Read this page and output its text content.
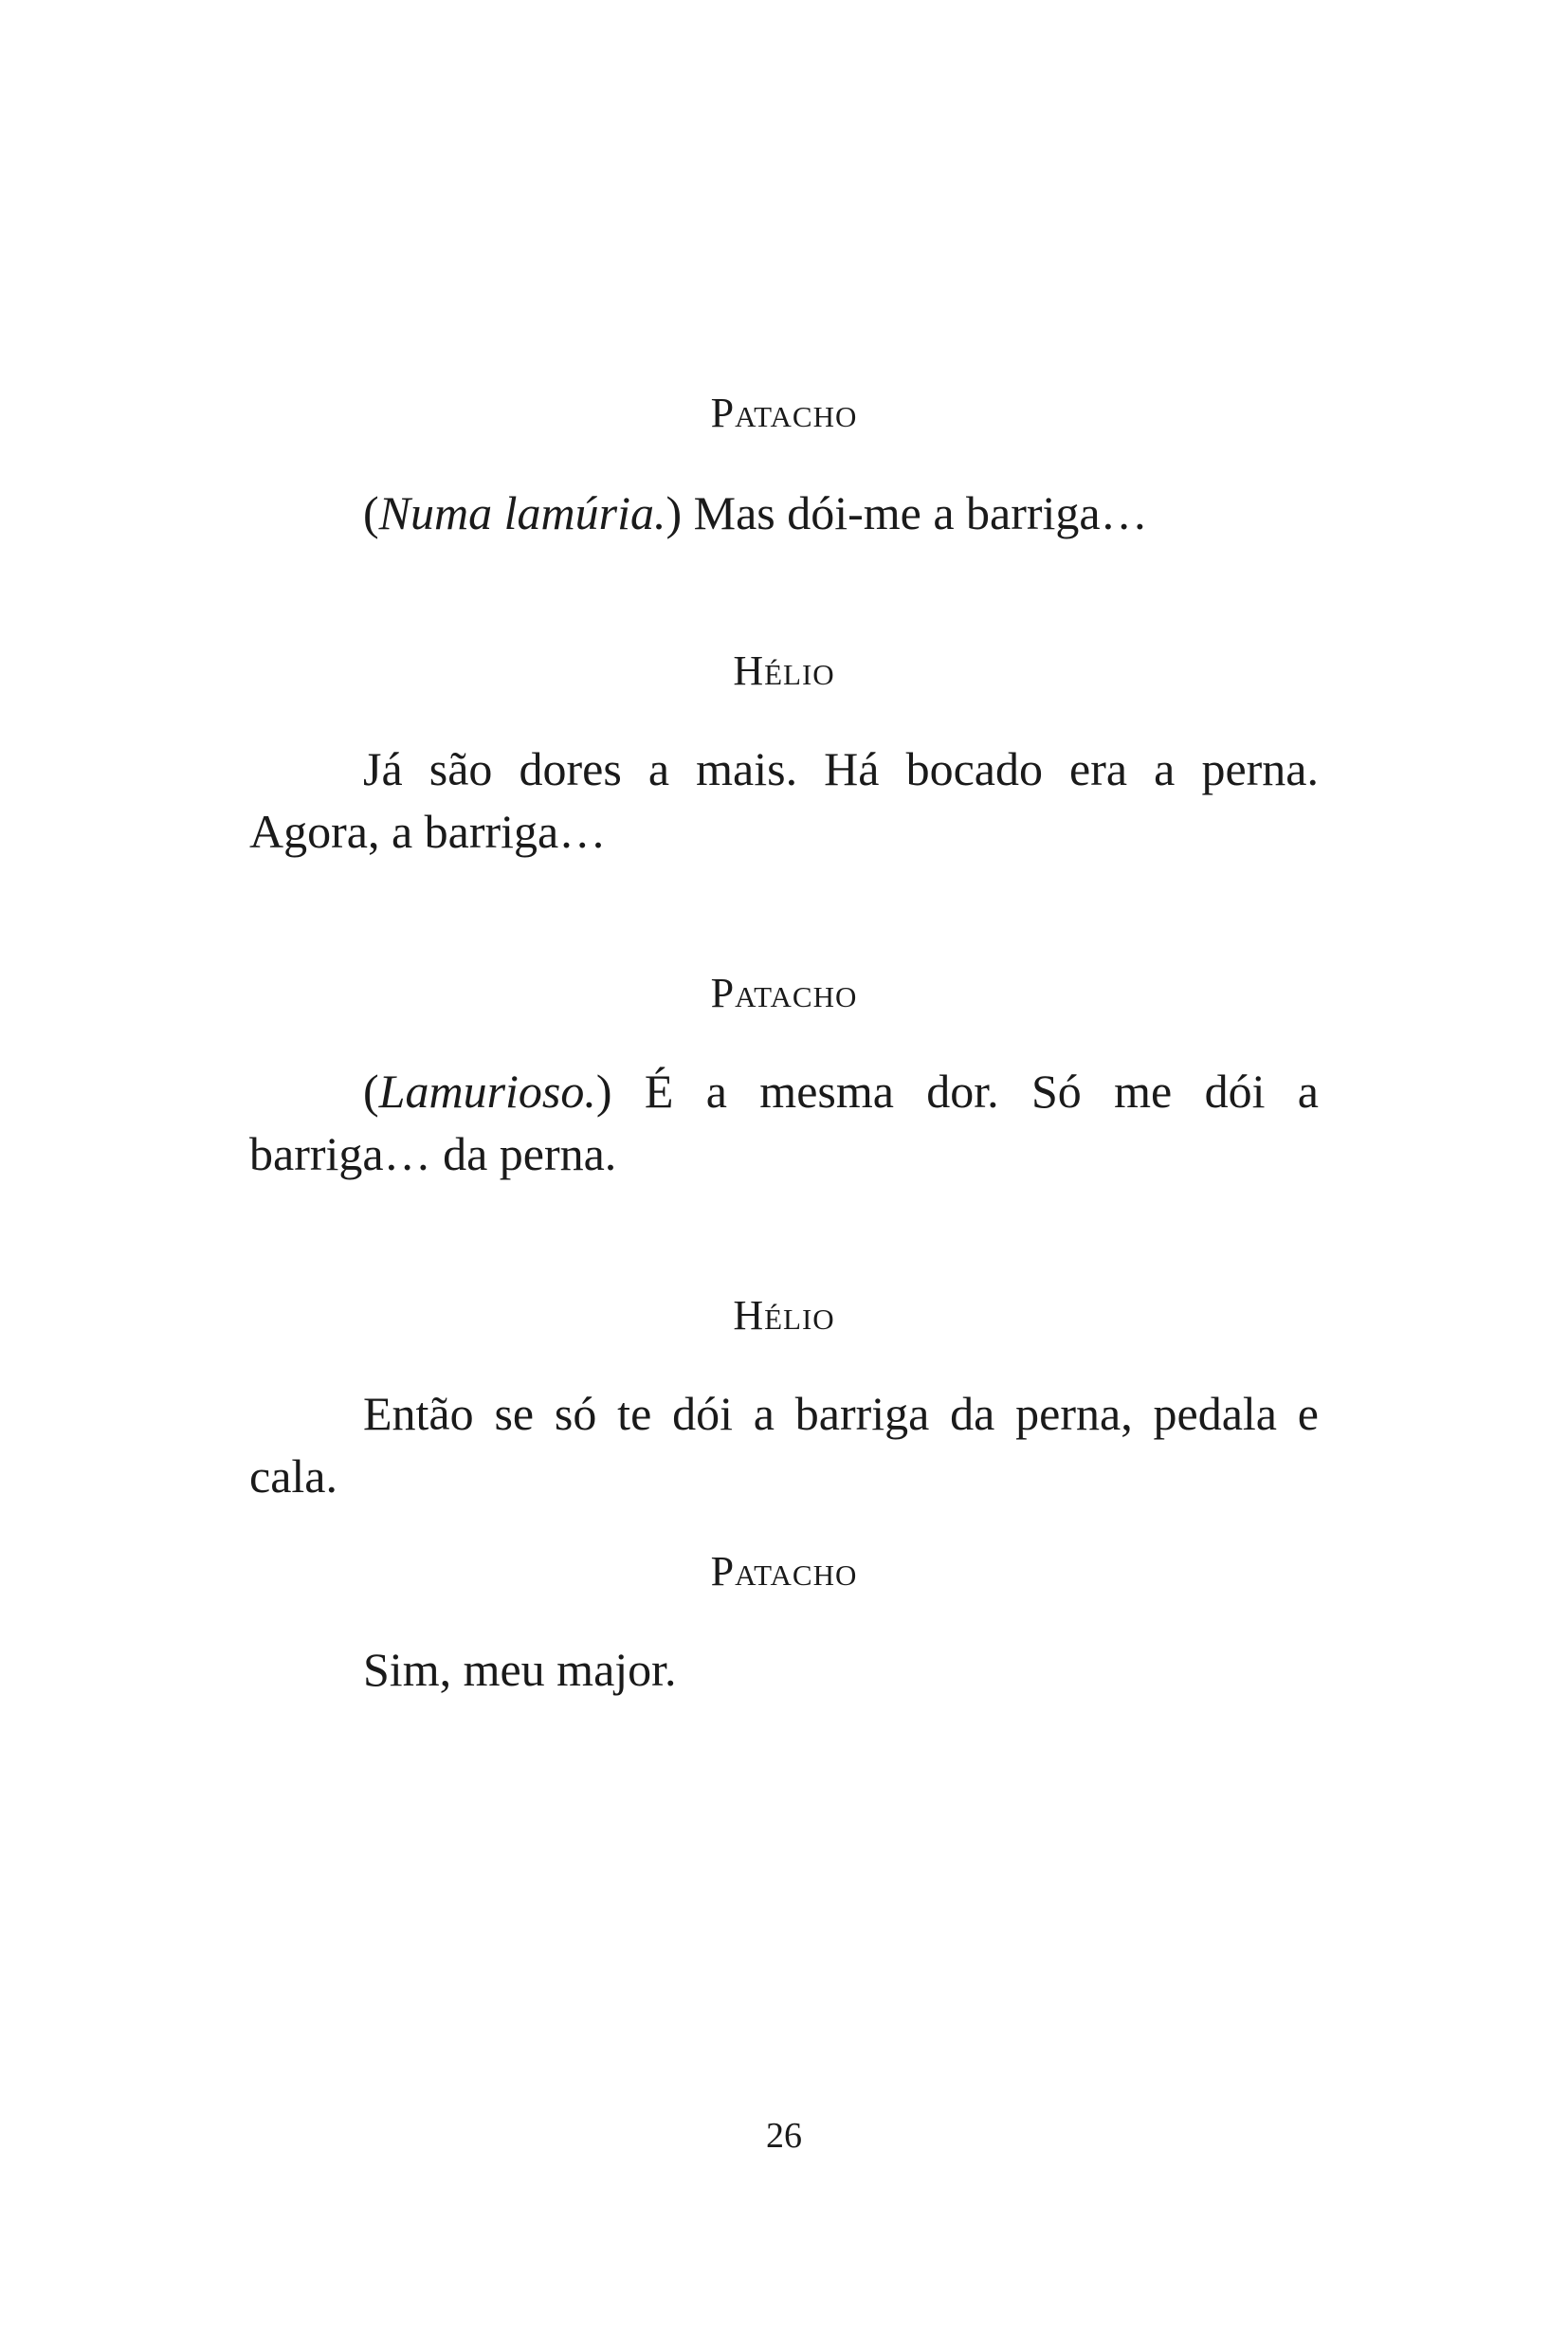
Patacho
(Numa lamúria.) Mas dói-me a barriga…
Hélio
Já são dores a mais. Há bocado era a perna. Agora, a barriga…
Patacho
(Lamurioso.) É a mesma dor. Só me dói a barriga… da perna.
Hélio
Então se só te dói a barriga da perna, pedala e cala.
Patacho
Sim, meu major.
26
